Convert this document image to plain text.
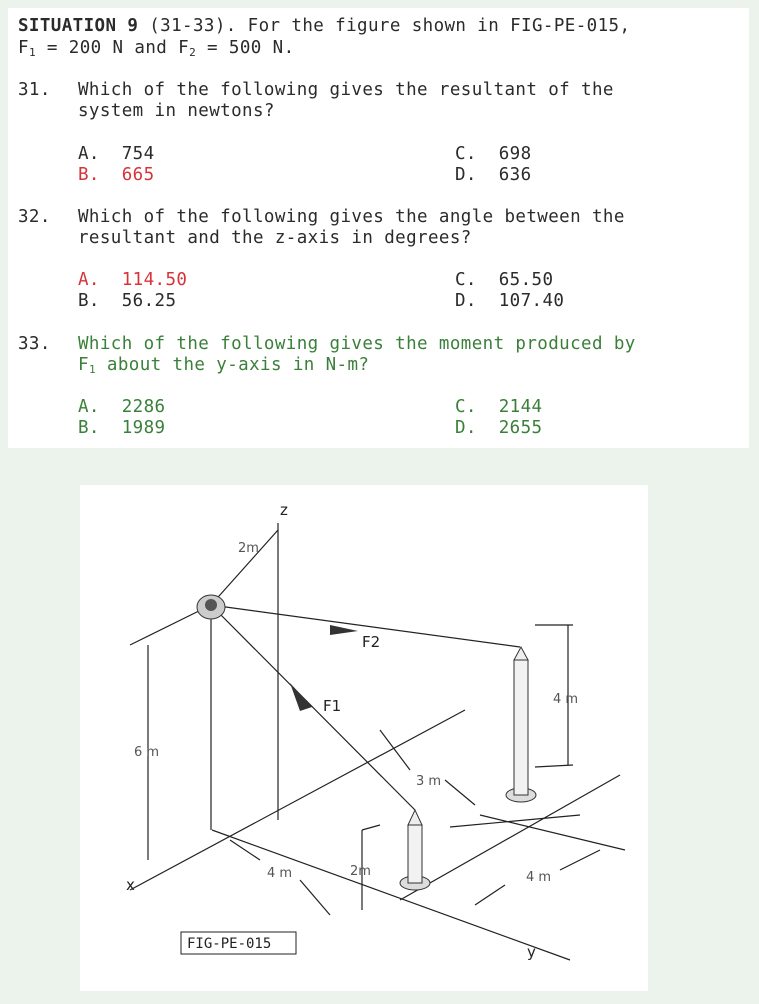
SITUATION 9 (31-33). For the figure shown in FIG-PE-015,
$F_1 = 200$ N and $F_2 = 500$ N.
31. Which of the following gives the resultant of the
system in newtons?
A. 754
B. 665
C. 698
D. 636
32. Which of the following gives the angle between the
resultant and the z-axis in degrees?
A. 114.50
B. 56.25
C. 65.50
D. 107.40
33. Which of the following gives the moment produced by
$F_1$ about the y-axis in N-m?
A. 2286
B. 1989
C. 2144
D. 2655
z
x
y
2m
F2
F1	4 m
6 m
3 m
4 m	2m	4 m
FIG-PE-015
